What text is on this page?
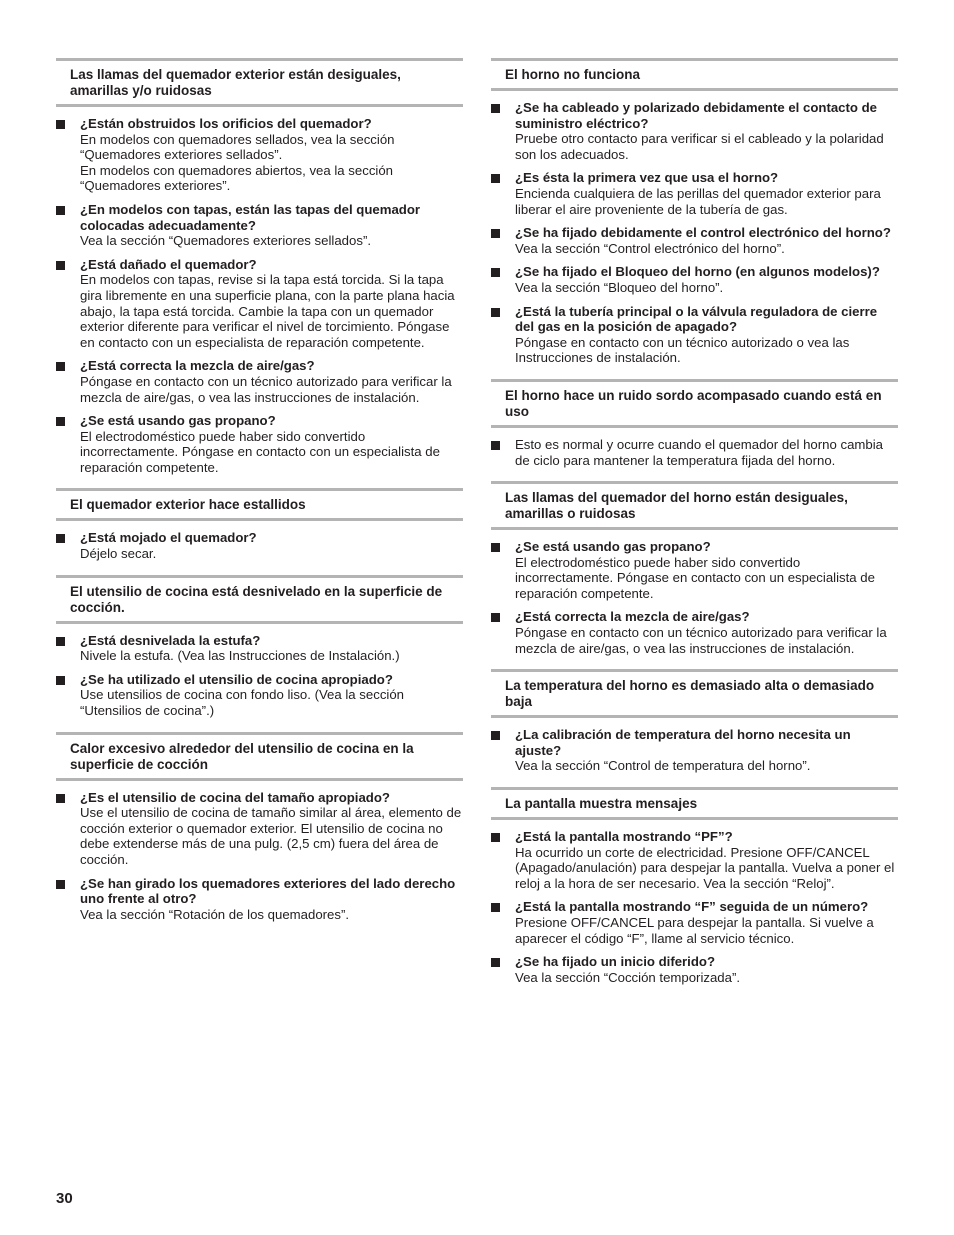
Las llamas del quemador exterior están desiguales, amarillas y/o ruidosas
¿Están obstruidos los orificios del quemador?
En modelos con quemadores sellados, vea la sección “Quemadores exteriores sellados”.
En modelos con quemadores abiertos, vea la sección “Quemadores exteriores”.
¿En modelos con tapas, están las tapas del quemador colocadas adecuadamente?
Vea la sección “Quemadores exteriores sellados”.
¿Está dañado el quemador?
En modelos con tapas, revise si la tapa está torcida. Si la tapa gira libremente en una superficie plana, con la parte plana hacia abajo, la tapa está torcida. Cambie la tapa con un quemador exterior diferente para verificar el nivel de torcimiento. Póngase en contacto con un especialista de reparación competente.
¿Está correcta la mezcla de aire/gas?
Póngase en contacto con un técnico autorizado para verificar la mezcla de aire/gas, o vea las instrucciones de instalación.
¿Se está usando gas propano?
El electrodoméstico puede haber sido convertido incorrectamente. Póngase en contacto con un especialista de reparación competente.
El quemador exterior hace estallidos
¿Está mojado el quemador?
Déjelo secar.
El utensilio de cocina está desnivelado en la superficie de cocción.
¿Está desnivelada la estufa?
Nivele la estufa. (Vea las Instrucciones de Instalación.)
¿Se ha utilizado el utensilio de cocina apropiado?
Use utensilios de cocina con fondo liso. (Vea la sección “Utensilios de cocina”.)
Calor excesivo alrededor del utensilio de cocina en la superficie de cocción
¿Es el utensilio de cocina del tamaño apropiado?
Use el utensilio de cocina de tamaño similar al área, elemento de cocción exterior o quemador exterior. El utensilio de cocina no debe extenderse más de una pulg. (2,5 cm) fuera del área de cocción.
¿Se han girado los quemadores exteriores del lado derecho uno frente al otro?
Vea la sección “Rotación de los quemadores”.
El horno no funciona
¿Se ha cableado y polarizado debidamente el contacto de suministro eléctrico?
Pruebe otro contacto para verificar si el cableado y la polaridad son los adecuados.
¿Es ésta la primera vez que usa el horno?
Encienda cualquiera de las perillas del quemador exterior para liberar el aire proveniente de la tubería de gas.
¿Se ha fijado debidamente el control electrónico del horno?
Vea la sección “Control electrónico del horno”.
¿Se ha fijado el Bloqueo del horno (en algunos modelos)?
Vea la sección “Bloqueo del horno”.
¿Está la tubería principal o la válvula reguladora de cierre del gas en la posición de apagado?
Póngase en contacto con un técnico autorizado o vea las Instrucciones de instalación.
El horno hace un ruido sordo acompasado cuando está en uso
Esto es normal y ocurre cuando el quemador del horno cambia de ciclo para mantener la temperatura fijada del horno.
Las llamas del quemador del horno están desiguales, amarillas o ruidosas
¿Se está usando gas propano?
El electrodoméstico puede haber sido convertido incorrectamente. Póngase en contacto con un especialista de reparación competente.
¿Está correcta la mezcla de aire/gas?
Póngase en contacto con un técnico autorizado para verificar la mezcla de aire/gas, o vea las instrucciones de instalación.
La temperatura del horno es demasiado alta o demasiado baja
¿La calibración de temperatura del horno necesita un ajuste?
Vea la sección “Control de temperatura del horno”.
La pantalla muestra mensajes
¿Está la pantalla mostrando “PF”?
Ha ocurrido un corte de electricidad. Presione OFF/CANCEL (Apagado/anulación) para despejar la pantalla. Vuelva a poner el reloj a la hora de ser necesario. Vea la sección “Reloj”.
¿Está la pantalla mostrando “F” seguida de un número?
Presione OFF/CANCEL para despejar la pantalla. Si vuelve a aparecer el código “F”, llame al servicio técnico.
¿Se ha fijado un inicio diferido?
Vea la sección “Cocción temporizada”.
30
